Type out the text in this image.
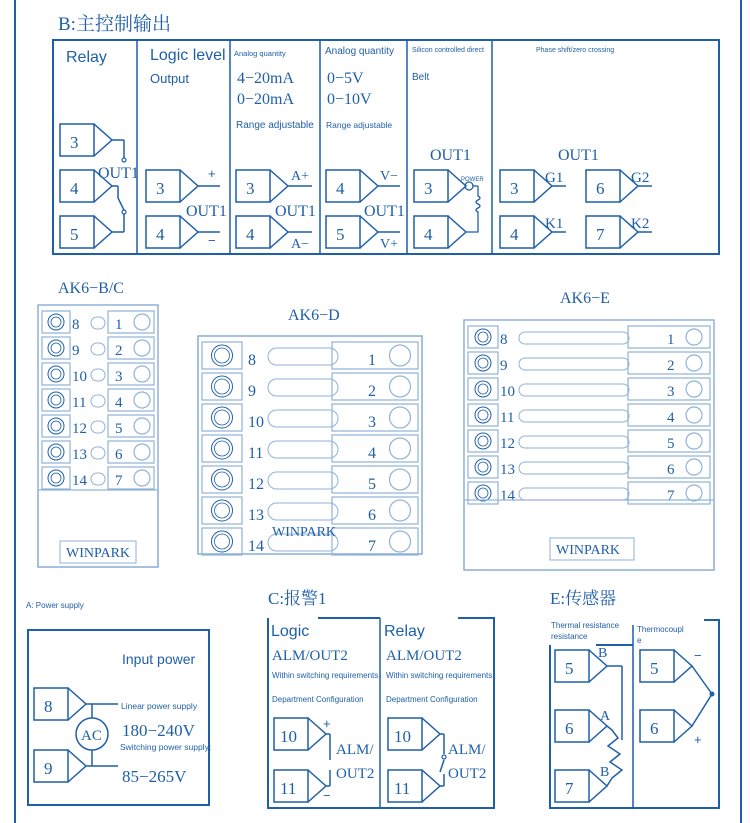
B:主控制输出
Relay
3
4
OUT1
5
Logic level
Output
3
+
OUT1
4	−
Analog quantity
4−20mA
0−20mA
Range adjustable
3
A+
OUT1
4
A−
Analog quantity
0−5V
0−10V
Range adjustable
4
V−
OUT1
5
V+
Silicon controlled direct
Belt
OUT1
POWER
3
4
Phase shift/zero crossing
OUT1
3
G1
4
K1
6
G2
7
K2
AK6−B/C
8
9
10
11
12
13
14
1
2
3
4
5
6
7
WINPARK
AK6−D
8
9
10
11
12
13
14
1
2
3
4
5
6
7
WINPARK
AK6−E
8
9
10
11
12
13
14
1
2
3
4
5
6
7
WINPARK
A: Power supply
Input power
8
9
AC
Linear power supply
180−240V
Switching power supply:
85−265V
C:报警1
Logic
ALM/OUT2
Within switching requirements
Department Configuration
10
+
ALM/
OUT2
11 −
Relay
ALM/OUT2
Within switching requirements
Department Configuration
10
ALM/
OUT2
11
E:传感器
Thermal resistance
resistance
5
B
6
A
7
B
Thermocoupl
e
5
6
−
+
